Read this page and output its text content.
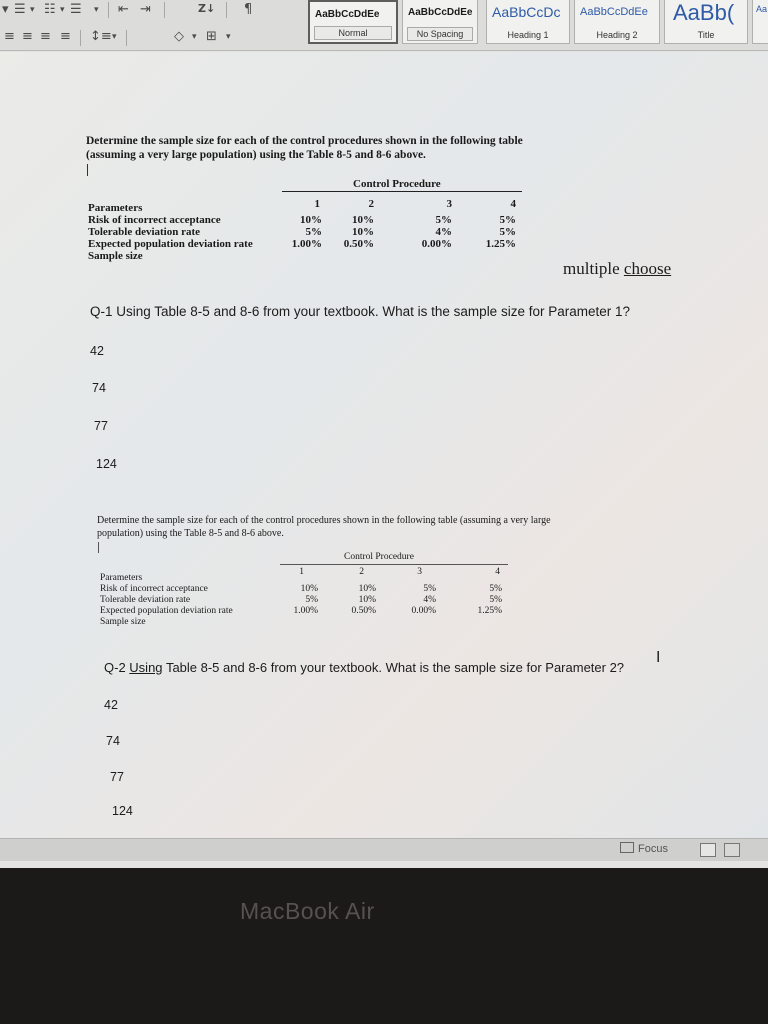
▾ ☰ ▾ ☷ ▾ ☰ ▾ ⇤ ⇥	Z↓ ¶
≡ ≡ ≡ ≡ ↕≡ ▾	◇ ▾ ⊞ ▾
AaBbCcDdEe
Normal
AaBbCcDdEe
No Spacing
AaBbCcDc
Heading 1
AaBbCcDdEe
Heading 2
AaBb(
Title
Aa
Determine the sample size for each of the control procedures shown in the following table (assuming a very large population) using the Table 8-5 and 8-6 above.
Control Procedure
1	2	3	4
Parameters
Risk of incorrect acceptance
Tolerable deviation rate
Expected population deviation rate
Sample size
10%	10%	5%	5%
5%	10%	4%	5%
1.00%	0.50%	0.00%	1.25%
multiple choose
Q-1 Using Table 8-5 and 8-6 from your textbook. What is the sample size for Parameter 1?
42
74
77
124
Determine the sample size for each of the control procedures shown in the following table (assuming a very large population) using the Table 8-5 and 8-6 above.
Control Procedure
1	2	3	4
Parameters
Risk of incorrect acceptance
Tolerable deviation rate
Expected population deviation rate
Sample size
10%	10%	5%	5%
5%	10%	4%	5%
1.00%	0.50%	0.00%	1.25%
Q-2 Using Table 8-5 and 8-6 from your textbook. What is the sample size for Parameter 2?
I
42
74
77
124
Focus
MacBook Air
